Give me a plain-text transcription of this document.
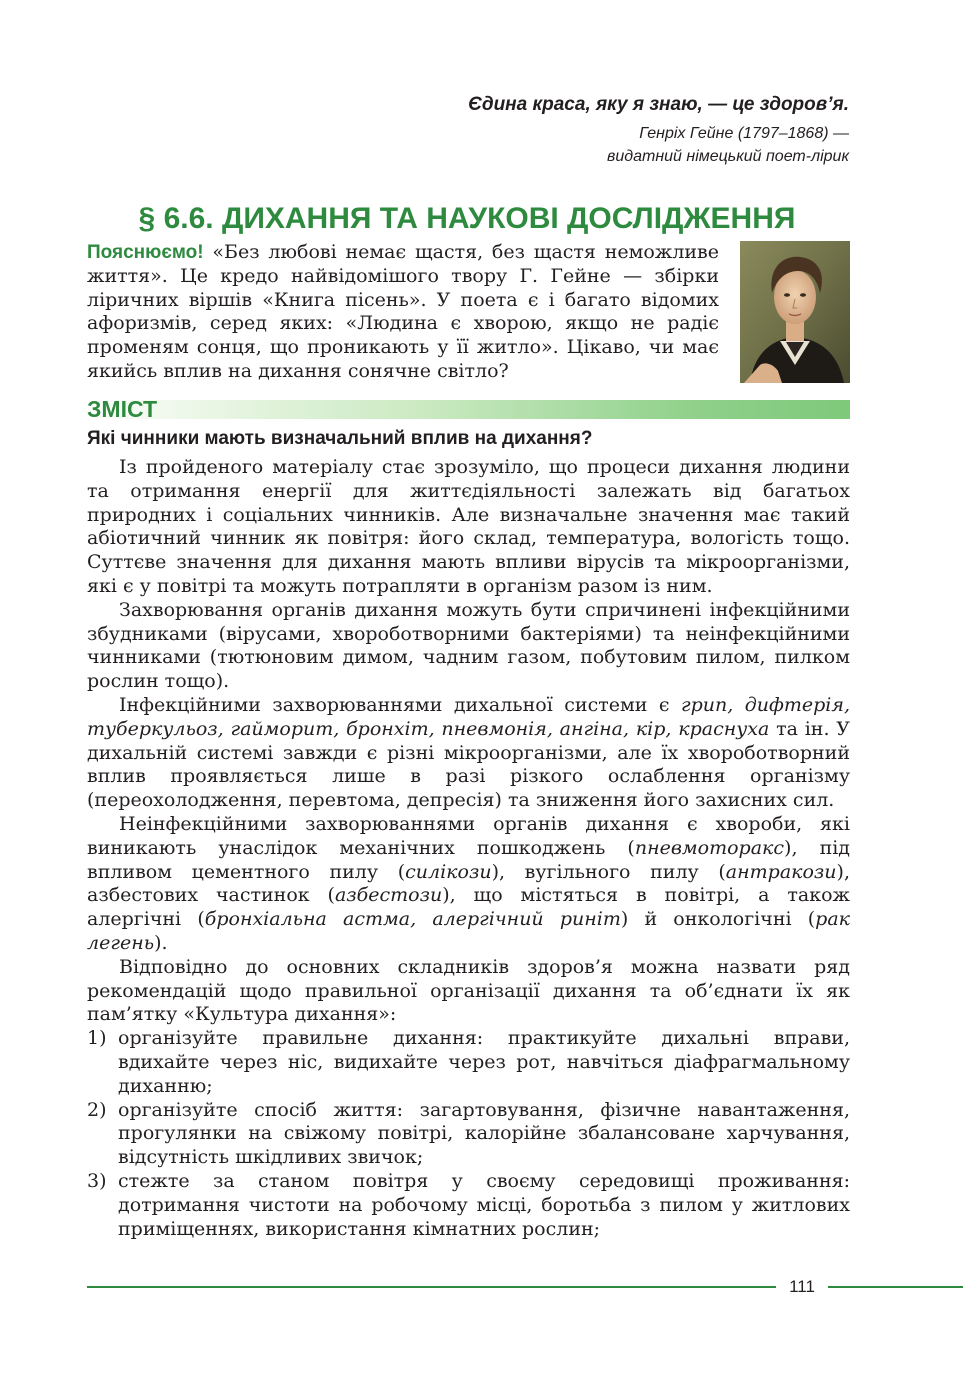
Єдина краса, яку я знаю, — це здоров’я.
Генріх Гейне (1797–1868) —
видатний німецький поет-лірик
§ 6.6. ДИХАННЯ ТА НАУКОВІ ДОСЛІДЖЕННЯ

Пояснюємо! «Без любові немає щастя, без щастя неможливе життя». Це кредо найвідомішого твору Г. Гейне — збірки ліричних віршів «Книга пісень». У поета є і багато відомих афоризмів, серед яких: «Людина є хворою, якщо не радіє променям сонця, що проникають у її житло». Цікаво, чи має якийсь вплив на дихання сонячне світло?

ЗМІСТ
Які чинники мають визначальний вплив на дихання?

Із пройденого матеріалу стає зрозуміло, що процеси дихання людини та отримання енергії для життєдіяльності залежать від багатьох природних і соціальних чинників. Але визначальне значення має такий абіотичний чинник як повітря: його склад, температура, вологість тощо. Суттєве значення для дихання мають впливи вірусів та мікроорганізми, які є у повітрі та можуть потрапляти в організм разом із ним.

Захворювання органів дихання можуть бути спричинені інфекційними збудниками (вірусами, хвороботворними бактеріями) та неінфекційними чинниками (тютюновим димом, чадним газом, побутовим пилом, пилком рослин тощо).

Інфекційними захворюваннями дихальної системи є грип, дифтерія, туберкульоз, гайморит, бронхіт, пневмонія, ангіна, кір, краснуха та ін. У дихальній системі завжди є різні мікроорганізми, але їх хвороботворний вплив проявляється лише в разі різкого ослаблення організму (переохолодження, перевтома, депресія) та зниження його захисних сил.

Неінфекційними захворюваннями органів дихання є хвороби, які виникають унаслідок механічних пошкоджень (пневмоторакс), під впливом цементного пилу (силікози), вугільного пилу (антракози), азбестових частинок (азбестози), що містяться в повітрі, а також алергічні (бронхіальна астма, алергічний риніт) й онкологічні (рак легень).

Відповідно до основних складників здоров’я можна назвати ряд рекомендацій щодо правильної організації дихання та об’єднати їх як пам’ятку «Культура дихання»:

1) організуйте правильне дихання: практикуйте дихальні вправи, вдихайте через ніс, видихайте через рот, навчіться діафрагмальному диханню;
2) організуйте спосіб життя: загартовування, фізичне навантаження, прогулянки на свіжому повітрі, калорійне збалансоване харчування, відсутність шкідливих звичок;
3) стежте за станом повітря у своєму середовищі проживання: дотримання чистоти на робочому місці, боротьба з пилом у житлових приміщеннях, використання кімнатних рослин;
111
